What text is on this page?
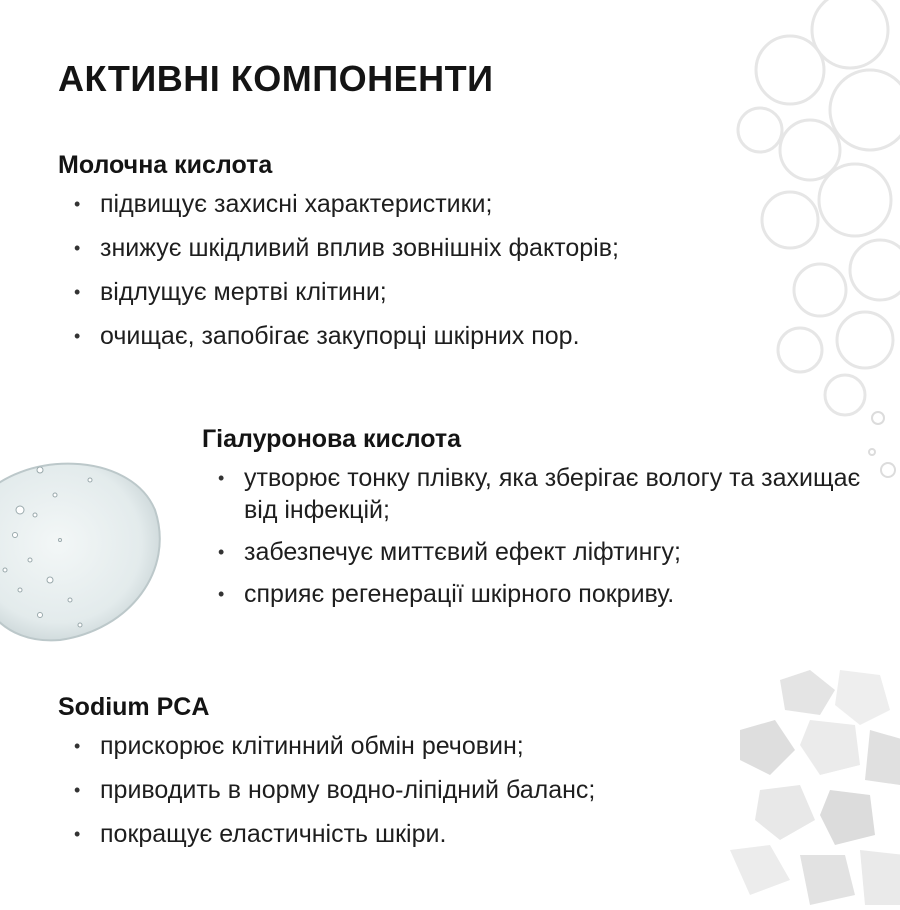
АКТИВНІ КОМПОНЕНТИ
Молочна кислота
• підвищує захисні характеристики;
• знижує шкідливий вплив зовнішніх факторів;
• відлущує мертві клітини;
• очищає, запобігає закупорці шкірних пор.
Гіалуронова кислота
• утворює тонку плівку, яка зберігає вологу та захищає від інфекцій;
• забезпечує миттєвий ефект ліфтингу;
• сприяє регенерації шкірного покриву.
Sodium PCA
• прискорює клітинний обмін речовин;
• приводить в норму водно-ліпідний баланс;
• покращує еластичність шкіри.
